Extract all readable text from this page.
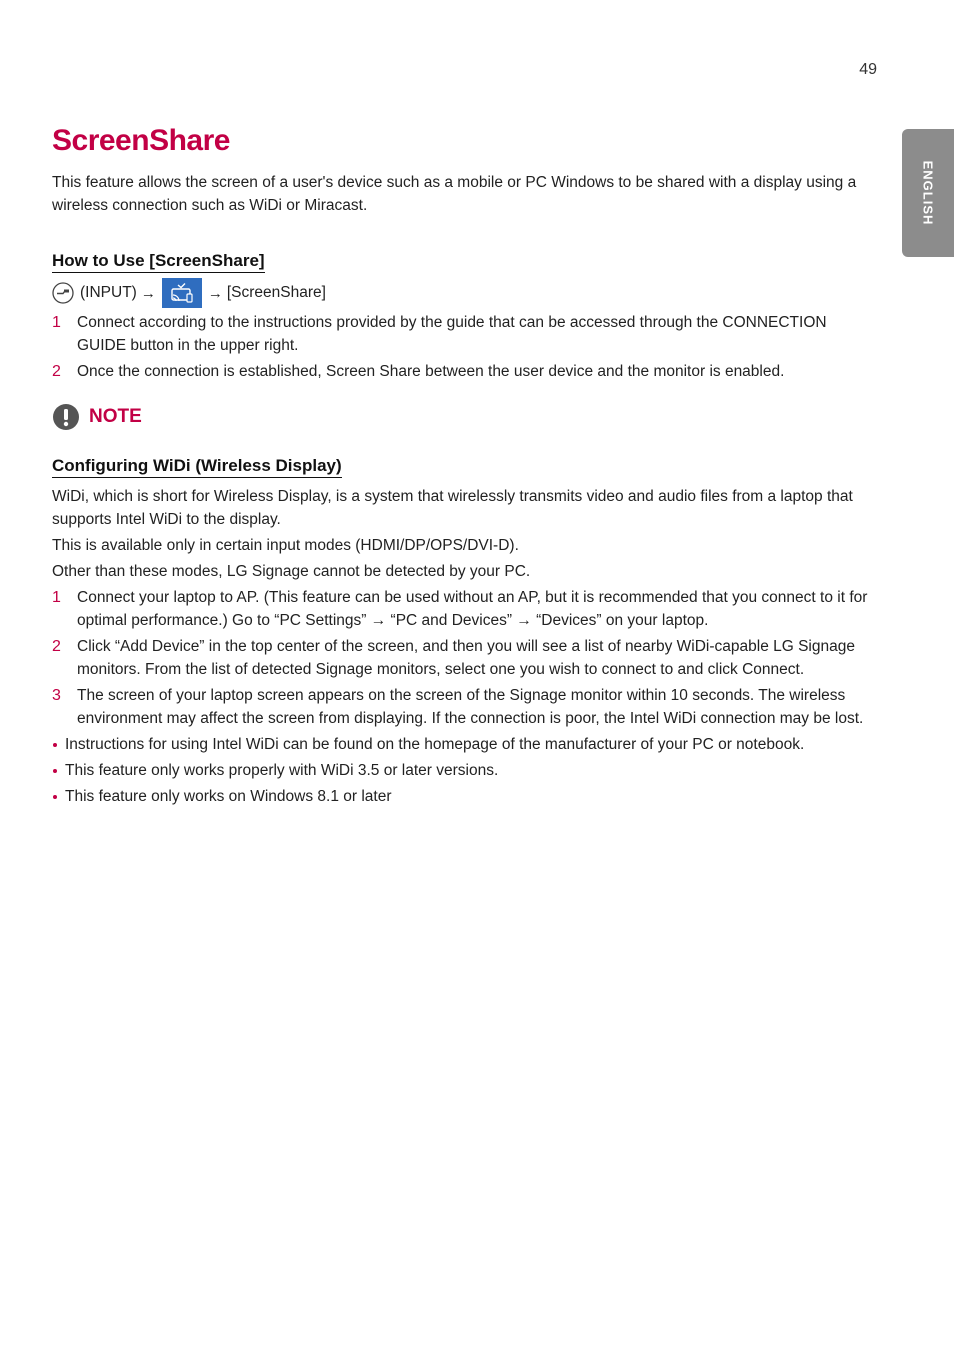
49
ENGLISH
ScreenShare

This feature allows the screen of a user's device such as a mobile or PC Windows to be shared with a display using a wireless connection such as WiDi or Miracast.

How to Use [ScreenShare]
(INPUT) →	→ [ScreenShare]
1 Connect according to the instructions provided by the guide that can be accessed through the CONNECTION GUIDE button in the upper right.
2 Once the connection is established, Screen Share between the user device and the monitor is enabled.
NOTE
Configuring WiDi (Wireless Display)

WiDi, which is short for Wireless Display, is a system that wirelessly transmits video and audio files from a laptop that supports Intel WiDi to the display.

This is available only in certain input modes (HDMI/DP/OPS/DVI-D).

Other than these modes, LG Signage cannot be detected by your PC.

1 Connect your laptop to AP. (This feature can be used without an AP, but it is recommended that you connect to it for optimal performance.) Go to “PC Settings” → “PC and Devices” → “Devices” on your laptop.
2 Click “Add Device” in the top center of the screen, and then you will see a list of nearby WiDi-capable LG Signage monitors. From the list of detected Signage monitors, select one you wish to connect to and click Connect.
3 The screen of your laptop screen appears on the screen of the Signage monitor within 10 seconds. The wireless environment may affect the screen from displaying. If the connection is poor, the Intel WiDi connection may be lost.
Instructions for using Intel WiDi can be found on the homepage of the manufacturer of your PC or notebook.
This feature only works properly with WiDi 3.5 or later versions.
This feature only works on Windows 8.1 or later
